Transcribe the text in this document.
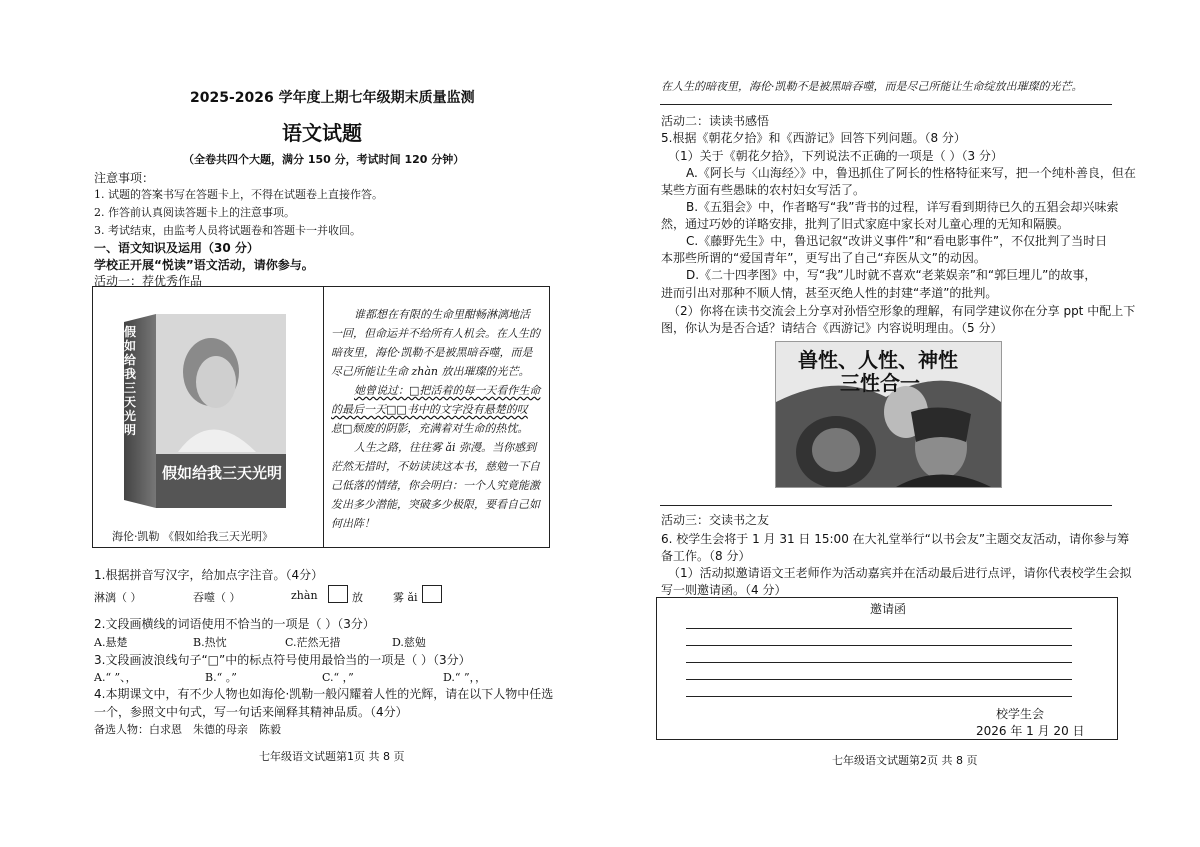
2025-2026 学年度上期七年级期末质量监测
语文试题
（全卷共四个大题，满分 150 分，考试时间 120 分钟）
注意事项：
1. 试题的答案书写在答题卡上，不得在试题卷上直接作答。
2. 作答前认真阅读答题卡上的注意事项。
3. 考试结束，由监考人员将试题卷和答题卡一并收回。
一、语文知识及运用（30 分）
学校正开展“悦读”语文活动，请你参与。
活动一：荐优秀作品
假如给我三天光明
假如给我三天光明
海伦·凯勒 《假如给我三天光明》
谁都想在有限的生命里酣畅淋漓地活
一回，但命运并不给所有人机会。在人生的
暗夜里，海伦·凯勒不是被黑暗吞噬，而是
尽己所能让生命 zhàn 放出璀璨的光芒。
她曾说过：□把活着的每一天看作生命
的最后一天□□书中的文字没有悬楚的叹
息□颓废的阴影，充满着对生命的热忱。
人生之路，往往雾 ǎi 弥漫。当你感到
茫然无措时，不妨读读这本书，慈勉一下自
己低落的情绪，你会明白：一个人究竟能激
发出多少潜能，突破多少极限，要看自己如
何出阵！
1.根据拼音写汉字，给加点字注音。（4分）
淋漓（ ）	吞噬（ ）	zhàn	放	雾 ǎi
2.文段画横线的词语使用不恰当的一项是（ ）（3分）
A.悬楚	B.热忱	C.茫然无措	D.慈勉
3.文段画波浪线句子“□”中的标点符号使用最恰当的一项是（ ）（3分）
A.“ ”、，	B.“ 。”	C.“ ，”	D.“ ”，，
4.本期课文中，有不少人物也如海伦·凯勒一般闪耀着人性的光辉，请在以下人物中任选
一个，参照文中句式，写一句话来阐释其精神品质。（4分）
备选人物：白求恩　朱德的母亲　陈毅
七年级语文试题第1页 共 8 页
在人生的暗夜里，海伦·凯勒不是被黑暗吞噬，而是尽己所能让生命绽放出璀璨的光芒。
活动二：读读书感悟
5.根据《朝花夕拾》和《西游记》回答下列问题。（8 分）
（1）关于《朝花夕拾》，下列说法不正确的一项是（ ）（3 分）
A.《阿长与〈山海经〉》中，鲁迅抓住了阿长的性格特征来写，把一个纯朴善良，但在
某些方面有些愚昧的农村妇女写活了。
B.《五猖会》中，作者略写“我”背书的过程，详写看到期待已久的五猖会却兴味索
然，通过巧妙的详略安排，批判了旧式家庭中家长对儿童心理的无知和隔膜。
C.《藤野先生》中，鲁迅记叙“改讲义事件”和“看电影事件”，不仅批判了当时日
本那些所谓的“爱国青年”，更写出了自己“弃医从文”的动因。
D.《二十四孝图》中，写“我”儿时就不喜欢“老莱娱亲”和“郭巨埋儿”的故事，
进而引出对那种不顺人情，甚至灭绝人性的封建“孝道”的批判。
（2）你将在读书交流会上分享对孙悟空形象的理解，有同学建议你在分享 ppt 中配上下
图，你认为是否合适？请结合《西游记》内容说明理由。（5 分）
兽性、人性、神性
三性合一
活动三：交读书之友
6. 校学生会将于 1 月 31 日 15:00 在大礼堂举行“以书会友”主题交友活动，请你参与筹
备工作。（8 分）
（1）活动拟邀请语文王老师作为活动嘉宾并在活动最后进行点评，请你代表校学生会拟
写一则邀请函。（4 分）
邀请函
校学生会
2026 年 1 月 20 日
七年级语文试题第2页 共 8 页
